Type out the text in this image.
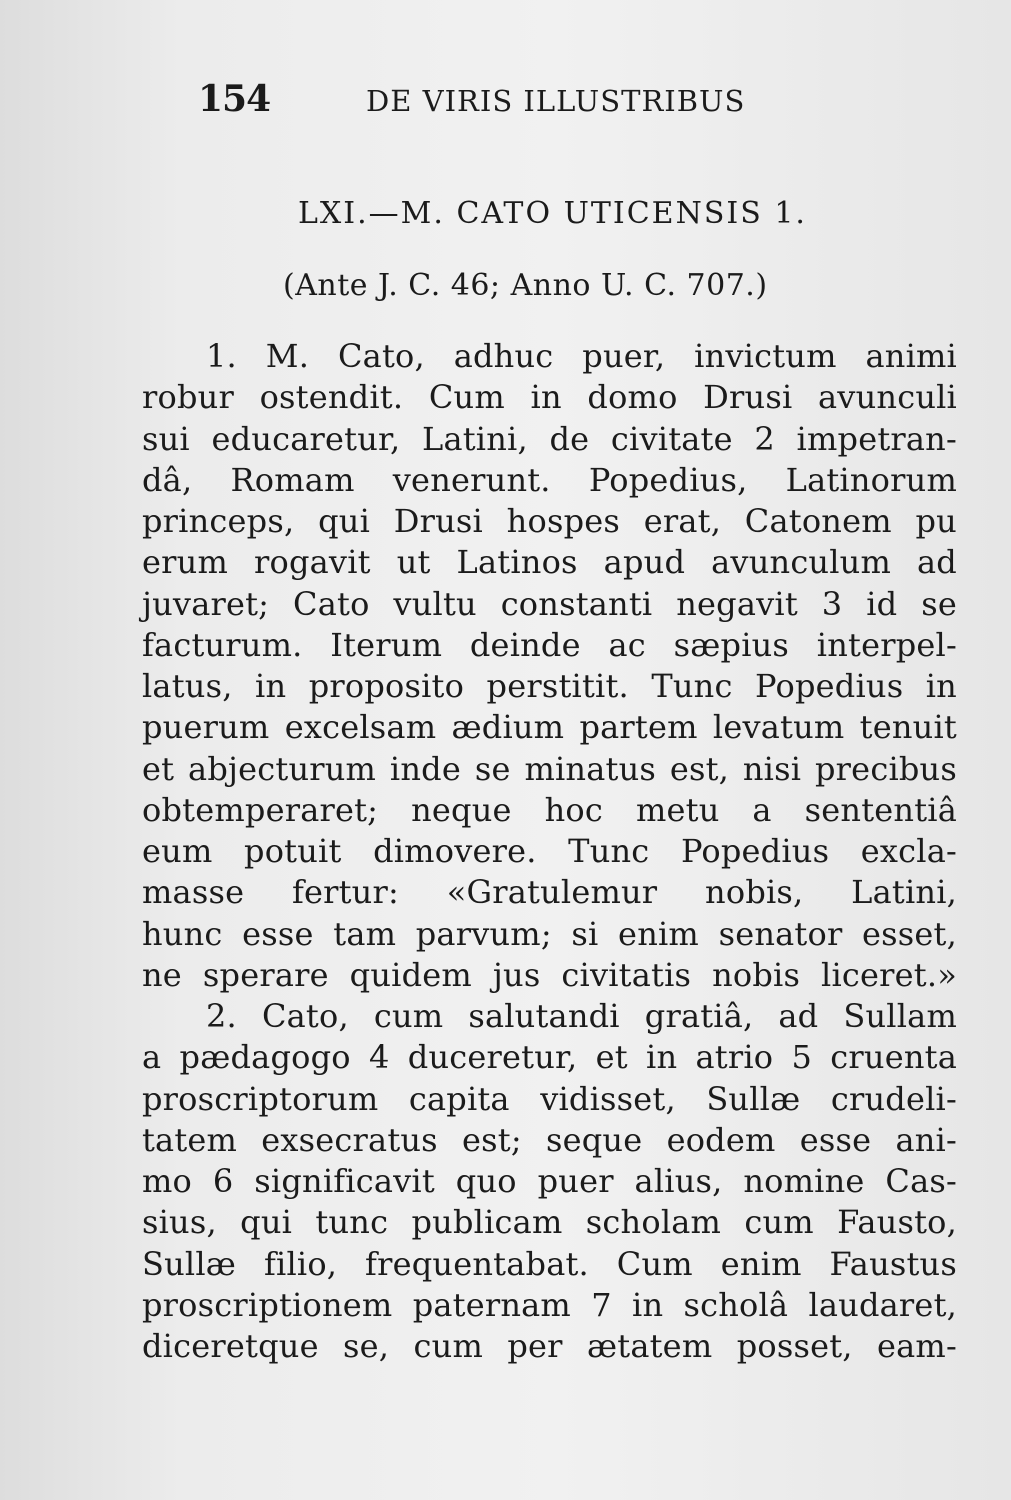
154	DE VIRIS ILLUSTRIBUS
LXI.—M. CATO UTICENSIS 1.
(Ante J. C. 46; Anno U. C. 707.)
1. M. Cato, adhuc puer, invictum animi
robur ostendit. Cum in domo Drusi avunculi
sui educaretur, Latini, de civitate 2 impetran-
dâ, Romam venerunt. Popedius, Latinorum
princeps, qui Drusi hospes erat, Catonem pu
erum rogavit ut Latinos apud avunculum ad
juvaret; Cato vultu constanti negavit 3 id se
facturum. Iterum deinde ac sæpius interpel-
latus, in proposito perstitit. Tunc Popedius in
puerum excelsam ædium partem levatum tenuit
et abjecturum inde se minatus est, nisi precibus
obtemperaret; neque hoc metu a sententiâ
eum potuit dimovere. Tunc Popedius excla-
masse fertur: «Gratulemur nobis, Latini,
hunc esse tam parvum; si enim senator esset,
ne sperare quidem jus civitatis nobis liceret.»
2. Cato, cum salutandi gratiâ, ad Sullam
a pædagogo 4 duceretur, et in atrio 5 cruenta
proscriptorum capita vidisset, Sullæ crudeli-
tatem exsecratus est; seque eodem esse ani-
mo 6 significavit quo puer alius, nomine Cas-
sius, qui tunc publicam scholam cum Fausto,
Sullæ filio, frequentabat. Cum enim Faustus
proscriptionem paternam 7 in scholâ laudaret,
diceretque se, cum per ætatem posset, eam-
